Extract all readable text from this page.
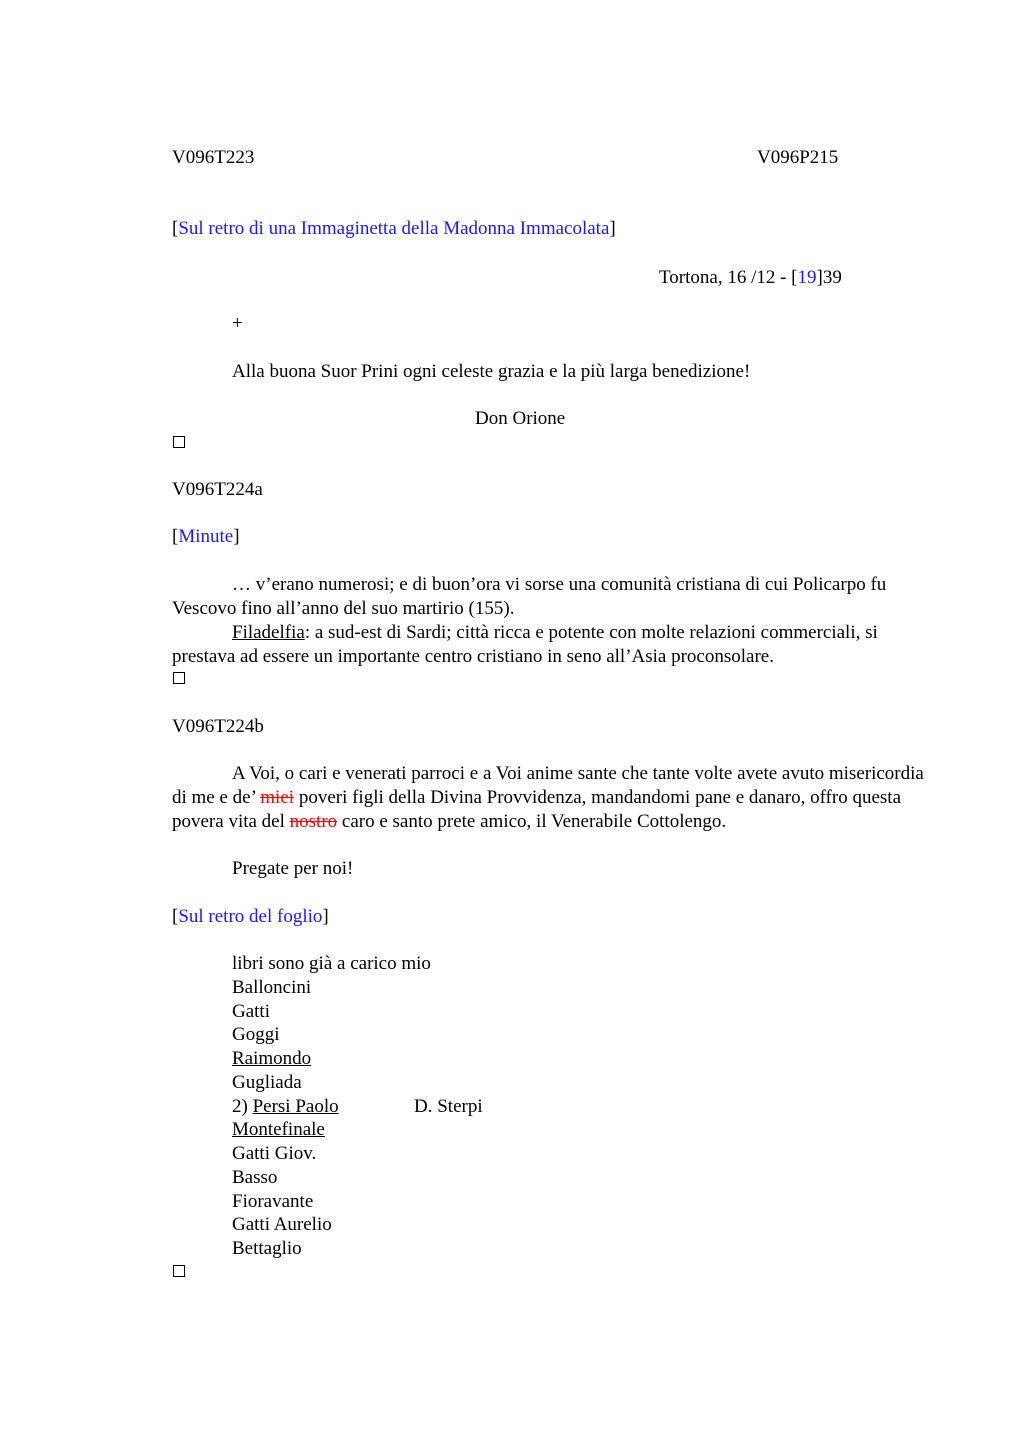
V096T223	V096P215
[Sul retro di una Immaginetta della Madonna Immacolata]
Tortona, 16 /12 - [19]39
+
Alla buona Suor Prini ogni celeste grazia e la più larga benedizione!
Don Orione
V096T224a
[Minute]
… v’erano numerosi; e di buon’ora vi sorse una comunità cristiana di cui Policarpo fu Vescovo fino all’anno del suo martirio (155).
Filadelfia: a sud-est di Sardi; città ricca e potente con molte relazioni commerciali, si prestava ad essere un importante centro cristiano in seno all’Asia proconsolare.
V096T224b
A Voi, o cari e venerati parroci e a Voi anime sante che tante volte avete avuto misericordia di me e de’ miei poveri figli della Divina Provvidenza, mandandomi pane e danaro, offro questa povera vita del nostro caro e santo prete amico, il Venerabile Cottolengo.
Pregate per noi!
[Sul retro del foglio]
libri sono già a carico mio
Balloncini
Gatti
Goggi
Raimondo
Gugliada
2) Persi Paolo	D. Sterpi
Montefinale
Gatti Giov.
Basso
Fioravante
Gatti Aurelio
Bettaglio
